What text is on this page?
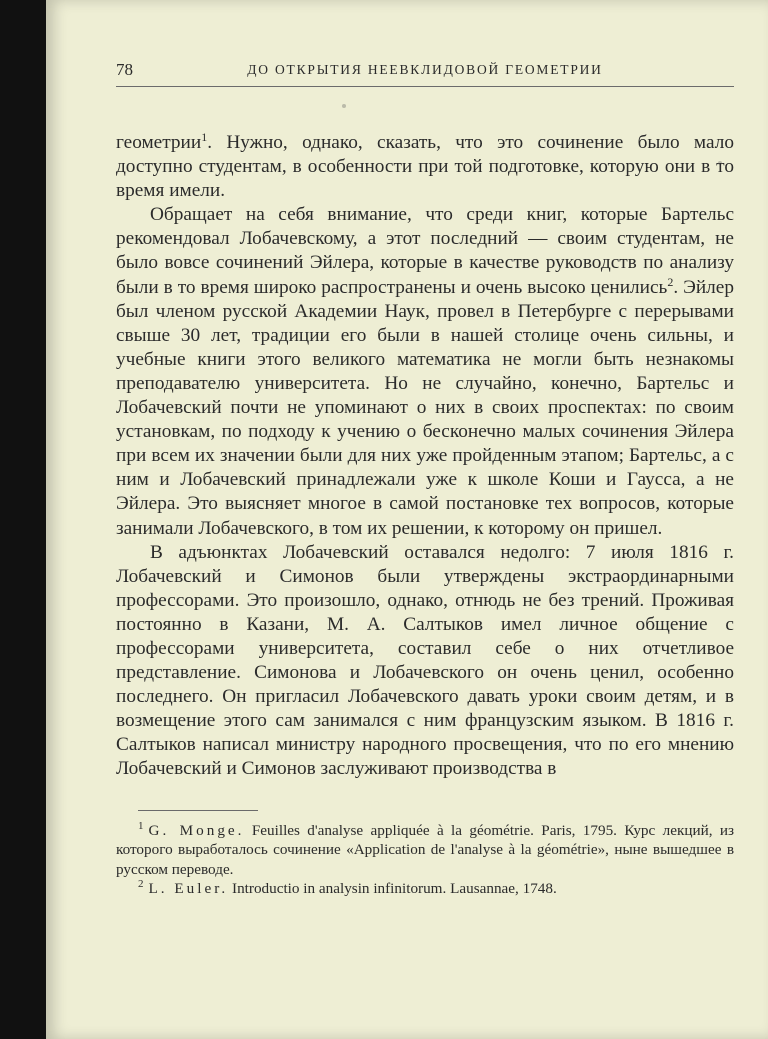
78	ДО ОТКРЫТИЯ НЕЕВКЛИДОВОЙ ГЕОМЕТРИИ

геометрии$^1$. Нужно, однако, сказать, что это сочинение было мало доступно студентам, в особенности при той подготовке, которую они в то время имели.

Обращает на себя внимание, что среди книг, которые Бартельс рекомендовал Лобачевскому, а этот последний — своим студентам, не было вовсе сочинений Эйлера, которые в качестве руководств по анализу были в то время широко распространены и очень высоко ценились$^2$. Эйлер был членом русской Академии Наук, провел в Петербурге с перерывами свыше 30 лет, традиции его были в нашей столице очень сильны, и учебные книги этого великого математика не могли быть незнакомы преподавателю университета. Но не случайно, конечно, Бартельс и Лобачевский почти не упоминают о них в своих проспектах: по своим установкам, по подходу к учению о бесконечно малых сочинения Эйлера при всем их значении были для них уже пройденным этапом; Бартельс, а с ним и Лобачевский принадлежали уже к школе Коши и Гаусса, а не Эйлера. Это выясняет многое в самой постановке тех вопросов, которые занимали Лобачевского, в том их решении, к которому он пришел.

В адъюнктах Лобачевский оставался недолго: 7 июля 1816 г. Лобачевский и Симонов были утверждены экстраординарными профессорами. Это произошло, однако, отнюдь не без трений. Проживая постоянно в Казани, М. А. Салтыков имел личное общение с профессорами университета, составил себе о них отчетливое представление. Симонова и Лобачевского он очень ценил, особенно последнего. Он пригласил Лобачевского давать уроки своим детям, и в возмещение этого сам занимался с ним французским языком. В 1816 г. Салтыков написал министру народного просвещения, что по его мнению Лобачевский и Симонов заслуживают производства в

$^1$ G. Monge. Feuilles d'analyse appliquée à la géométrie. Paris, 1795. Курс лекций, из которого выработалось сочинение «Application de l'analyse à la géométrie», ныне вышедшее в русском переводе.

$^2$ L. Euler. Introductio in analysin infinitorum. Lausannae, 1748.
